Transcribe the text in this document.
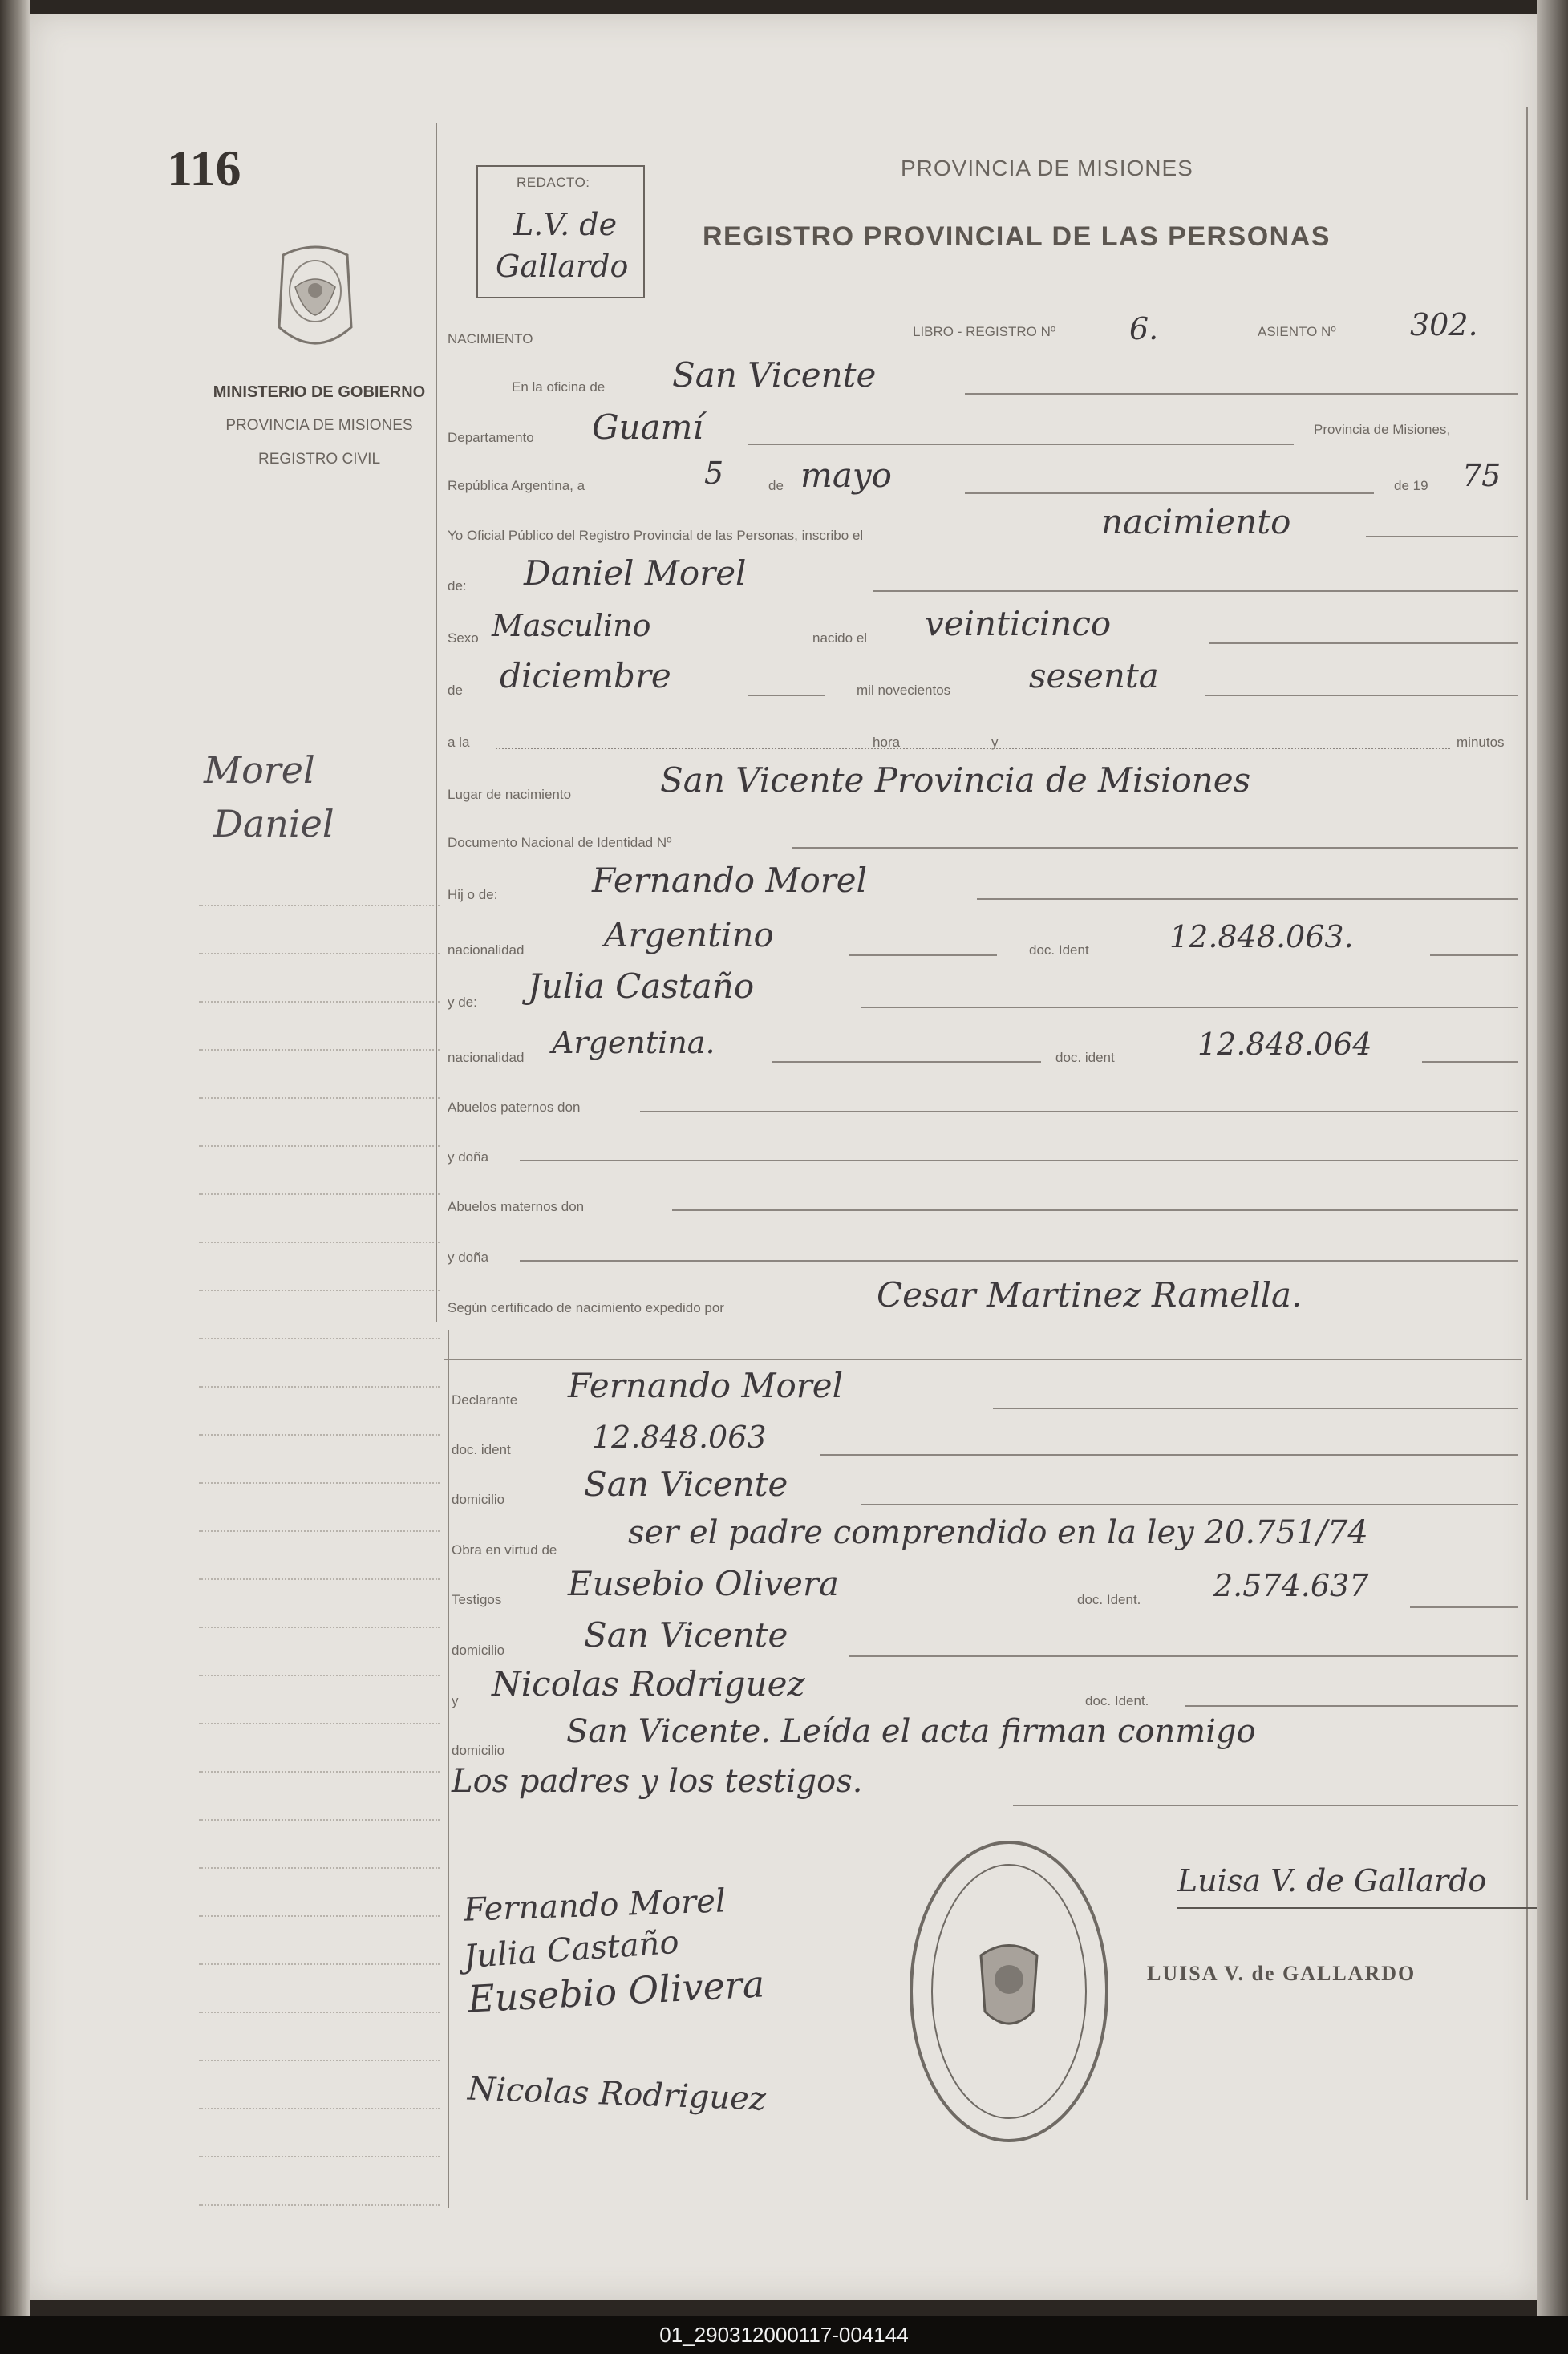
116
MINISTERIO DE GOBIERNO
PROVINCIA DE MISIONES
REGISTRO CIVIL
Morel
Daniel
REDACTO:
L.V. de
Gallardo
PROVINCIA DE MISIONES
REGISTRO PROVINCIAL DE LAS PERSONAS
NACIMIENTO	LIBRO - REGISTRO Nº 6.	ASIENTO Nº 302.
En la oficina de San Vicente
Departamento Guamí	Provincia de Misiones,
República Argentina, a	5	de mayo	de 19 75
Yo Oficial Público del Registro Provincial de las Personas, inscribo el	nacimiento
de: Daniel Morel
Sexo Masculino	nacido el veinticinco
de diciembre	mil novecientos sesenta
a la	hora	y	minutos
Lugar de nacimiento	San Vicente Provincia de Misiones
Documento Nacional de Identidad Nº
Hij o de:	Fernando Morel
nacionalidad Argentino	doc. Ident	12.848.063.
y de: Julia Castaño
nacionalidad Argentina.	doc. ident	12.848.064
Abuelos paternos don
y doña
Abuelos maternos don
y doña
Según certificado de nacimiento expedido por	Cesar Martinez Ramella.
Declarante Fernando Morel
doc. ident	12.848.063
domicilio San Vicente
Obra en virtud de ser el padre comprendido en la ley 20.751/74
Testigos Eusebio Olivera	doc. Ident. 2.574.637
domicilio San Vicente
y Nicolas Rodriguez	doc. Ident.
domicilio
San Vicente. Leída el acta firman conmigo
Los padres y los testigos.
Fernando Morel
Julia Castaño
Eusebio Olivera
Nicolas Rodriguez
Luisa V. de Gallardo
LUISA V. de GALLARDO
01_290312000117-004144
